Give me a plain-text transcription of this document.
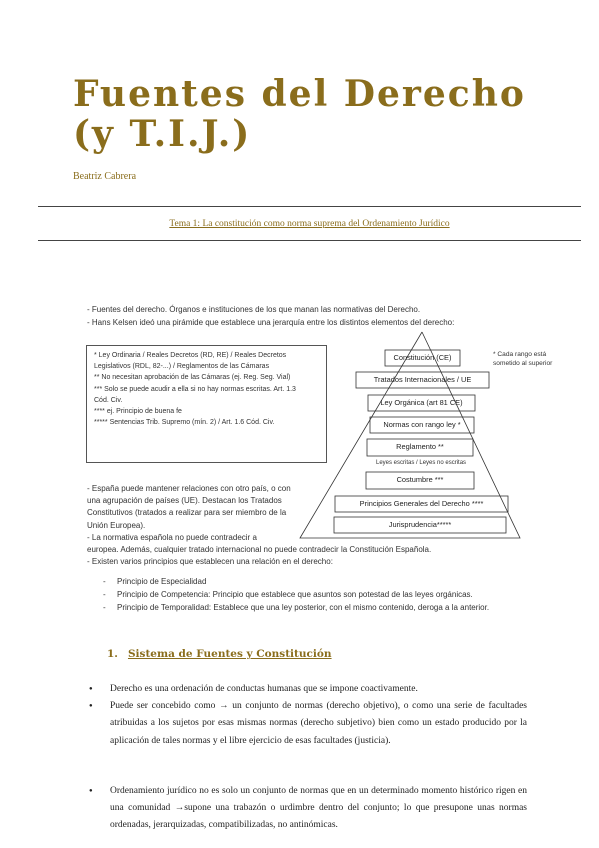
Fuentes del Derecho (y T.I.J.)
Beatriz Cabrera
Tema 1: La constitución como norma suprema del Ordenamiento Jurídico
- Fuentes del derecho. Órganos e instituciones de los que manan las normativas del Derecho.
- Hans Kelsen ideó una pirámide que establece una jerarquía entre los distintos elementos del derecho:
* Ley Ordinaria / Reales Decretos (RD, RE) / Reales Decretos
Legislativos (RDL, 82-...) / Reglamentos de las Cámaras
** No necesitan aprobación de las Cámaras (ej. Reg. Seg. Vial)
*** Solo se puede acudir a ella si no hay normas escritas. Art. 1.3
Cód. Civ.
**** ej. Principio de buena fe
***** Sentencias Trib. Supremo (mín. 2) / Art. 1.6 Cód. Civ.
Constitución (CE)
Tratados Internacionales / UE
Ley Orgánica (art 81 CE)
Normas con rango ley *
Reglamento **
Leyes escritas / Leyes no escritas
Costumbre ***
Principios Generales del Derecho ****
Jurisprudencia*****
* Cada rango está sometido al superior
- España puede mantener relaciones con otro país, o con una agrupación de países (UE). Destacan los Tratados Constitutivos (tratados a realizar para ser miembro de la Unión Europea).
- La normativa española no puede contradecir a
europea. Además, cualquier tratado internacional no puede contradecir la Constitución Española.
- Existen varios principios que establecen una relación en el derecho:
- Principio de Especialidad
- Principio de Competencia: Principio que establece que asuntos son potestad de las leyes orgánicas.
- Principio de Temporalidad: Establece que una ley posterior, con el mismo contenido, deroga a la anterior.
1. Sistema de Fuentes y Constitución
● Derecho es una ordenación de conductas humanas que se impone coactivamente.
● Puede ser concebido como → un conjunto de normas (derecho objetivo), o como una serie de facultades atribuidas a los sujetos por esas mismas normas (derecho subjetivo) bien como un estado producido por la aplicación de tales normas y el libre ejercicio de esas facultades (justicia).
● Ordenamiento jurídico no es solo un conjunto de normas que en un determinado momento histórico rigen en una comunidad →supone una trabazón o urdimbre dentro del conjunto; lo que presupone unas normas ordenadas, jerarquizadas, compatibilizadas, no antinómicas.
